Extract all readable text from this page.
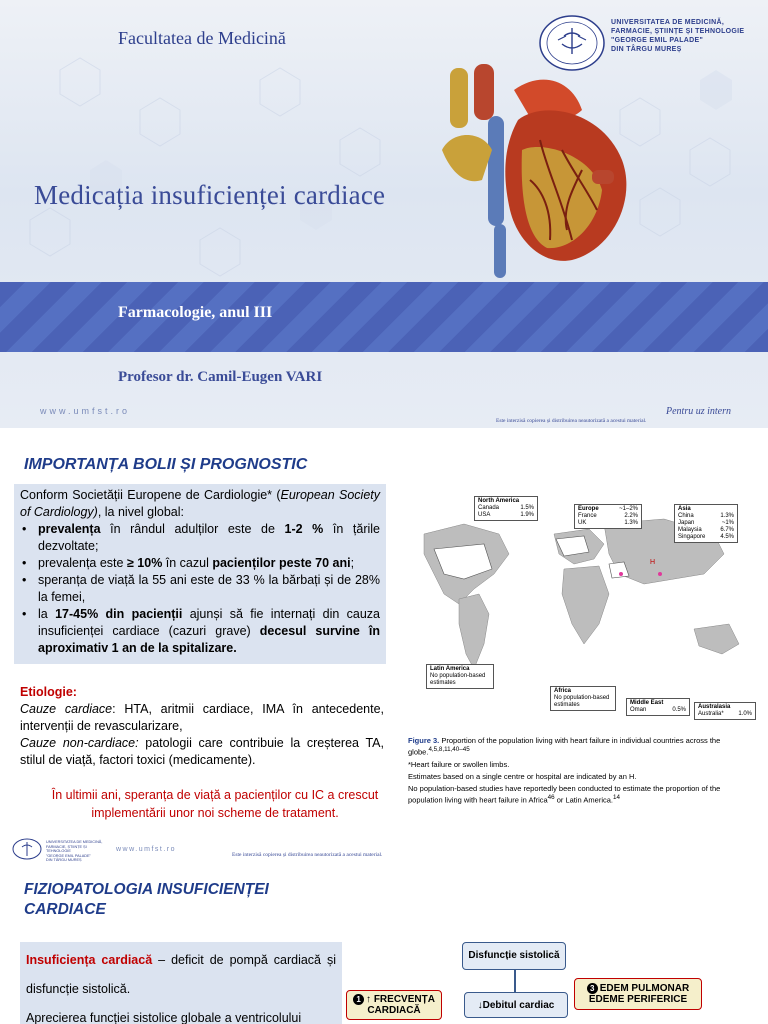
Facultatea de Medicină
UNIVERSITATEA DE MEDICINĂ,
FARMACIE, ȘTIINȚE ȘI TEHNOLOGIE
"GEORGE EMIL PALADE"
DIN TÂRGU MUREȘ
Medicația insuficienței cardiace
Farmacologie, anul III
Profesor dr. Camil-Eugen VARI
www.umfst.ro	Pentru uz intern
Este interzisă copierea și distribuirea neautorizată a acestui material.
IMPORTANȚA BOLII ȘI PROGNOSTIC
Conform Societății Europene de Cardiologie* (European Society of Cardiology), la nivel global:
• prevalența în rândul adulților este de 1-2 % în țările dezvoltate;
• prevalența este ≥ 10% în cazul pacienților peste 70 ani;
• speranța de viață la 55 ani este de 33 % la bărbați și de 28% la femei,
• la 17-45% din pacienții ajunși să fie internați din cauza insuficienței cardiace (cazuri grave) decesul survine în aproximativ 1 an de la spitalizare.
Etiologie:
Cauze cardiace: HTA, aritmii cardiace, IMA în antecedente, intervenții de revascularizare,
Cauze non-cardiace: patologii care contribuie la creșterea TA, stilul de viață, factori toxici (medicamente).
În ultimii ani, speranța de viață a pacienților cu IC a crescut implementării unor noi scheme de tratament.
H
North America
Canada	1.5%
USA	1.9%
Europe	~1–2%
France	2.2%
UK	1.3%
Asia
China	1.3%
Japan	~1%
Malaysia	6.7%
Singapore 4.5%
Latin America
No population-based estimates
Africa
No population-based estimates	Middle East
Oman	0.5% Australasia
Australia* 1.0%

Figure 3. Proportion of the population living with heart failure in individual countries across the globe.$^{4,5,8,11,40-45}$

*Heart failure or swollen limbs.

Estimates based on a single centre or hospital are indicated by an H.

No population-based studies have reportedly been conducted to estimate the proportion of the population living with heart failure in Africa$^{46}$ or Latin America.$^{14}$

UNIVERSITATEA DE MEDICINĂ,
FARMACIE, ȘTIINȚE ȘI TEHNOLOGIE
"GEORGE EMIL PALADE"
DIN TÂRGU MUREȘ
www.umfst.ro
Este interzisă copierea și distribuirea neautorizată a acestui material.
FIZIOPATOLOGIA INSUFICIENȚEI CARDIACE
Insuficiența cardiacă – deficit de pompă cardiacă și disfuncție sistolică.
Aprecierea funcției sistolice globale a ventricolului
Disfuncție sistolică
↓Debitul cardiac
1 ↑ FRECVENȚA CARDIACĂ
3 EDEM PULMONAR
EDEME PERIFERICE
